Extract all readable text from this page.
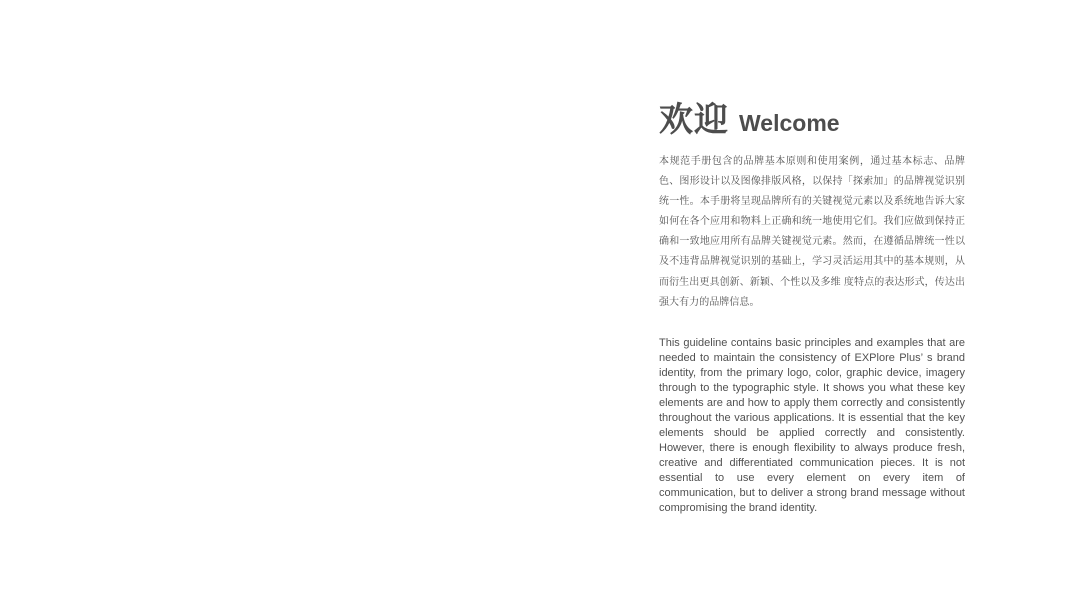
欢迎 Welcome
本规范手册包含的品牌基本原则和使用案例，通过基本标志、品牌色、图形设计以及图像排版风格，以保持「探索加」的品牌视觉识别统一性。本手册将呈现品牌所有的关键视觉元素以及系统地告诉大家如何在各个应用和物料上正确和统一地使用它们。我们应做到保持正确和一致地应用所有品牌关键视觉元素。然而，在遵循品牌统一性以及不违背品牌视觉识别的基础上，学习灵活运用其中的基本规则，从而衍生出更具创新、新颖、个性以及多维 度特点的表达形式，传达出强大有力的品牌信息。
This guideline contains basic principles and examples that are needed to maintain the consistency of EXPlore Plus’ s brand identity, from the primary logo, color, graphic device, imagery through to the typographic style. It shows you what these key elements are and how to apply them correctly and consistently throughout the various applications. It is essential that the key elements should be applied correctly and consistently. However, there is enough flexibility to always produce fresh, creative and differentiated communication pieces. It is not essential to use every element on every item of communication, but to deliver a strong brand message without compromising the brand identity.
